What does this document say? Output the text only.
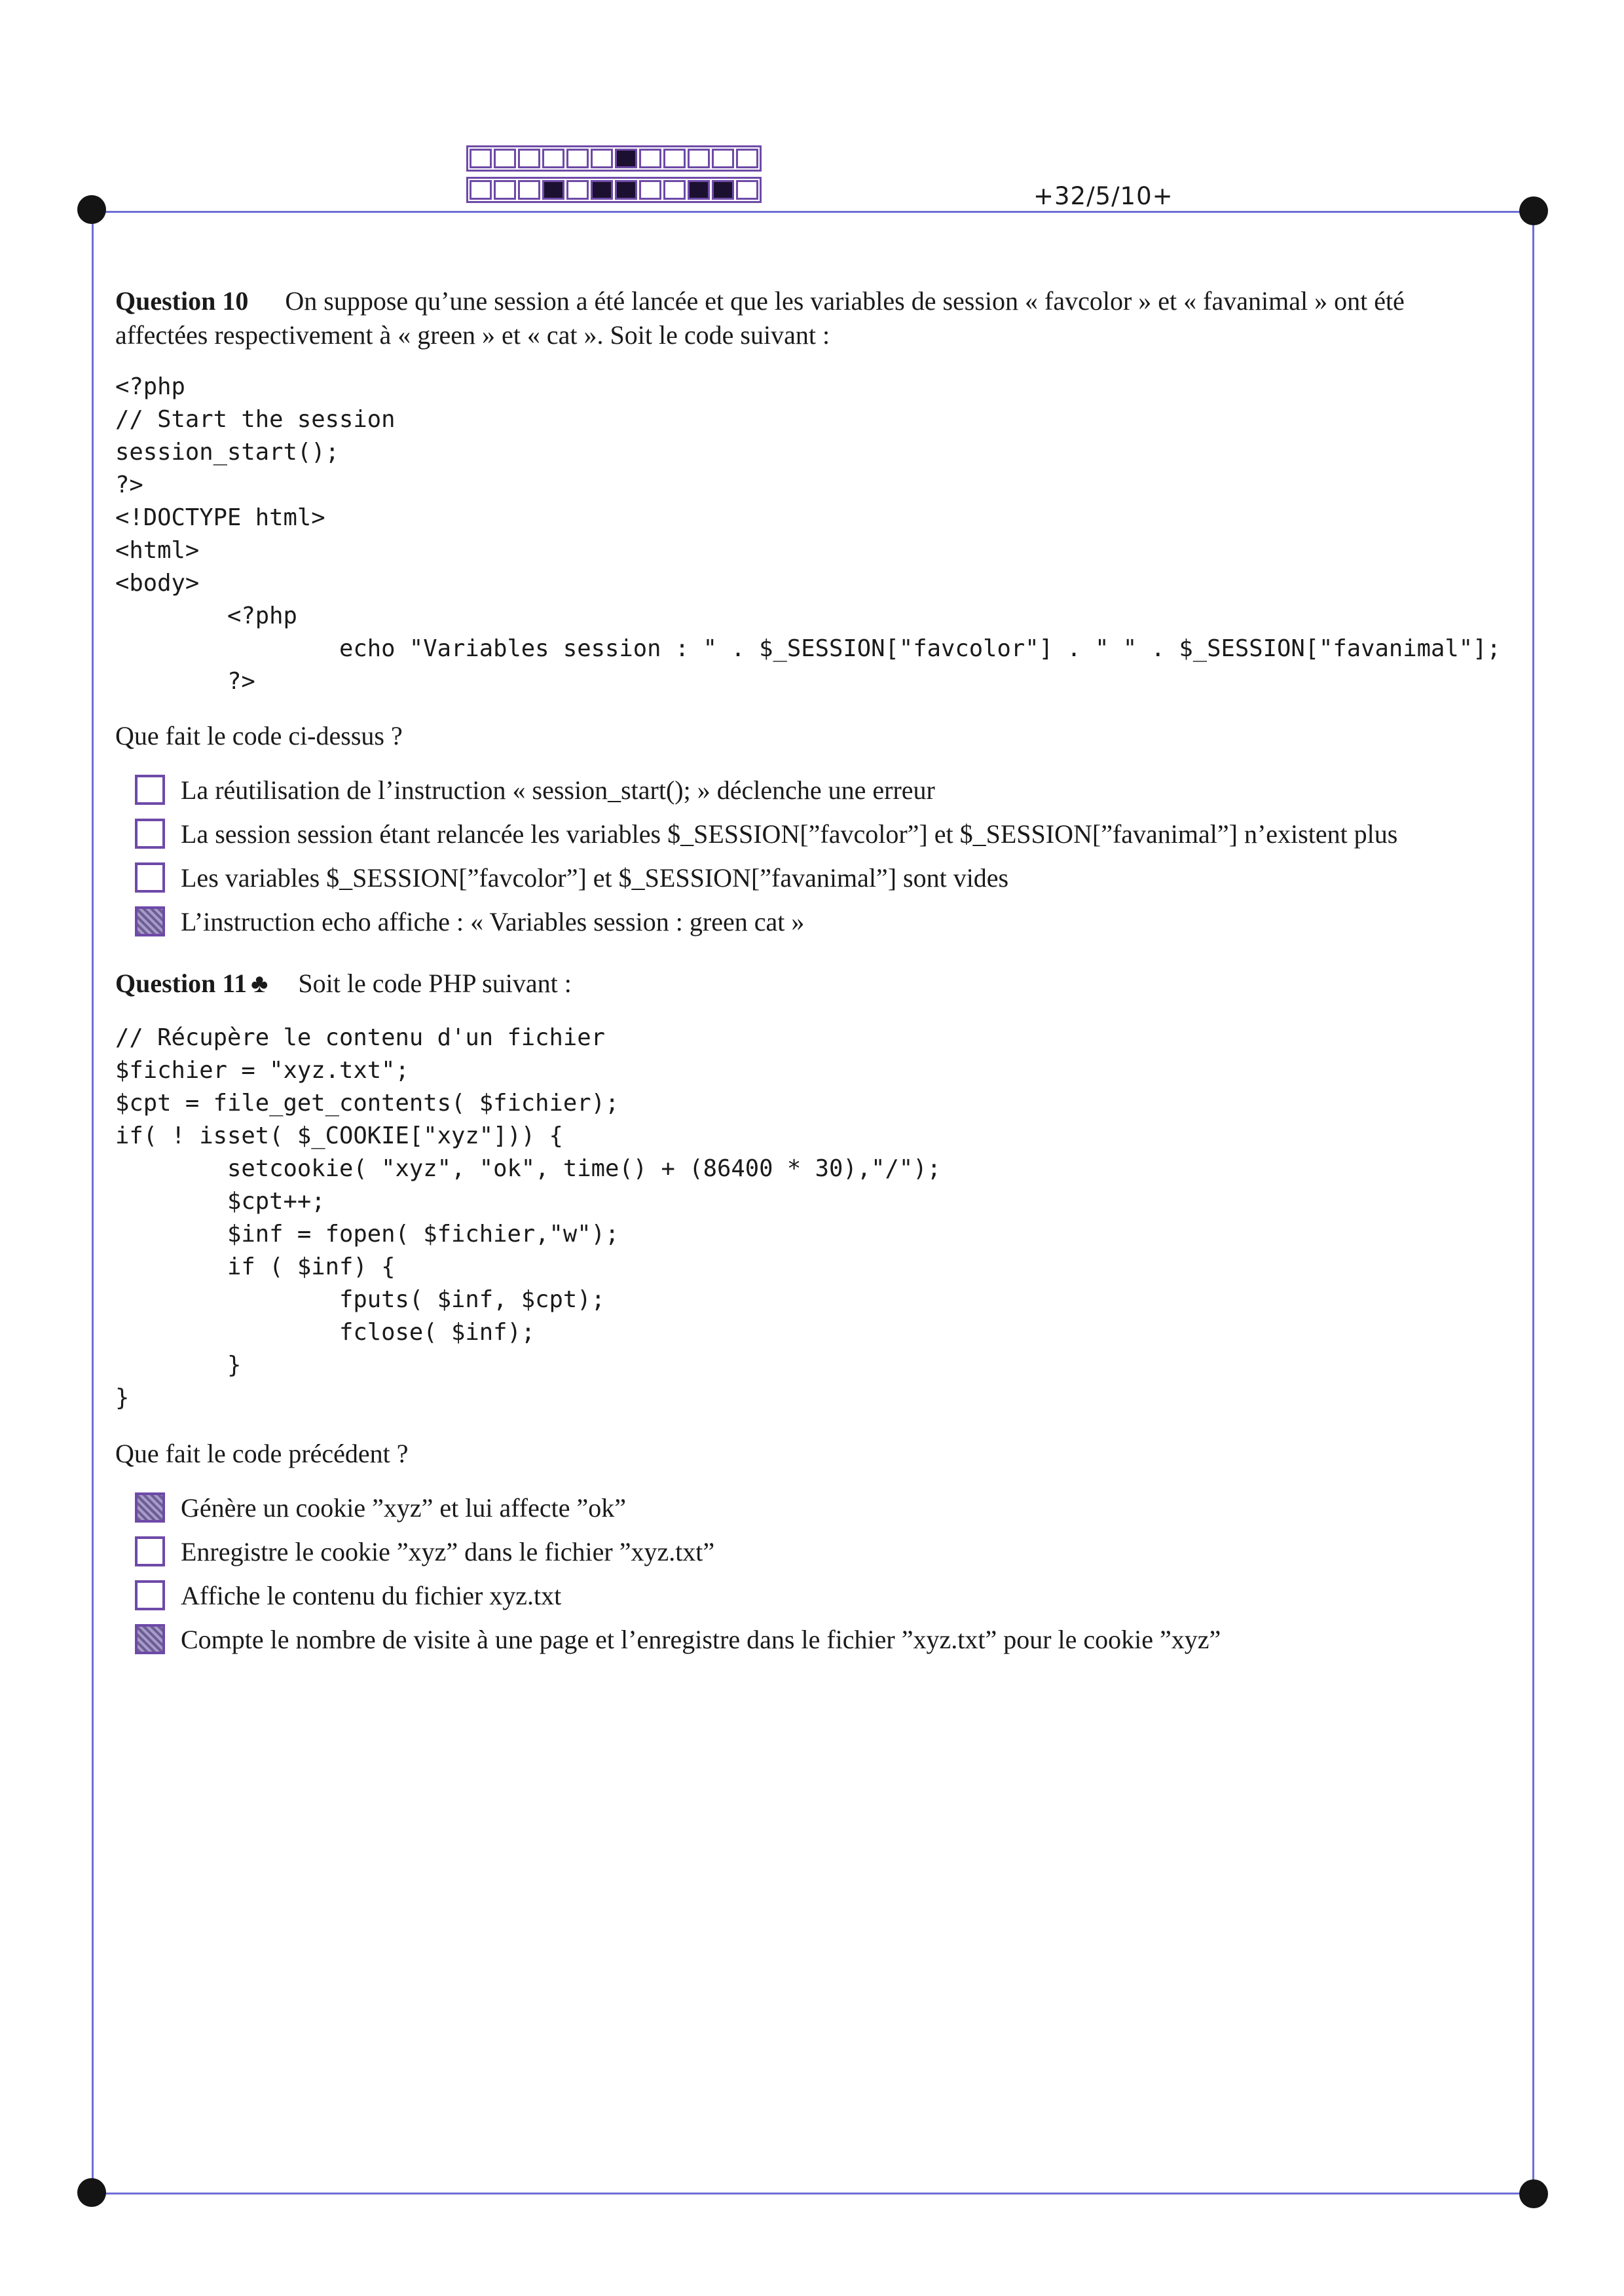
+32/5/10+
Question 10 On suppose qu’une session a été lancée et que les variables de session « favcolor » et « favanimal » ont été
affectées respectivement à « green » et « cat ». Soit le code suivant :
<?php
// Start the session
session_start();
?>
<!DOCTYPE html>
<html>
<body>
<?php
echo "Variables session : " . $_SESSION["favcolor"] . " " . $_SESSION["favanimal"];
?>
Que fait le code ci-dessus ?
La réutilisation de l’instruction « session_start(); » déclenche une erreur
La session session étant relancée les variables $_SESSION[”favcolor”] et $_SESSION[”favanimal”] n’existent plus
Les variables $_SESSION[”favcolor”] et $_SESSION[”favanimal”] sont vides
L’instruction echo affiche : « Variables session : green cat »
Question 11 ♣ Soit le code PHP suivant :
// Récupère le contenu d'un fichier
$fichier = "xyz.txt";
$cpt = file_get_contents( $fichier);
if( ! isset( $_COOKIE["xyz"])) {
setcookie( "xyz", "ok", time() + (86400 * 30),"/");
$cpt++;
$inf = fopen( $fichier,"w");
if ( $inf) {
fputs( $inf, $cpt);
fclose( $inf);
}
}
Que fait le code précédent ?
Génère un cookie ”xyz” et lui affecte ”ok”
Enregistre le cookie ”xyz” dans le fichier ”xyz.txt”
Affiche le contenu du fichier xyz.txt
Compte le nombre de visite à une page et l’enregistre dans le fichier ”xyz.txt” pour le cookie ”xyz”
